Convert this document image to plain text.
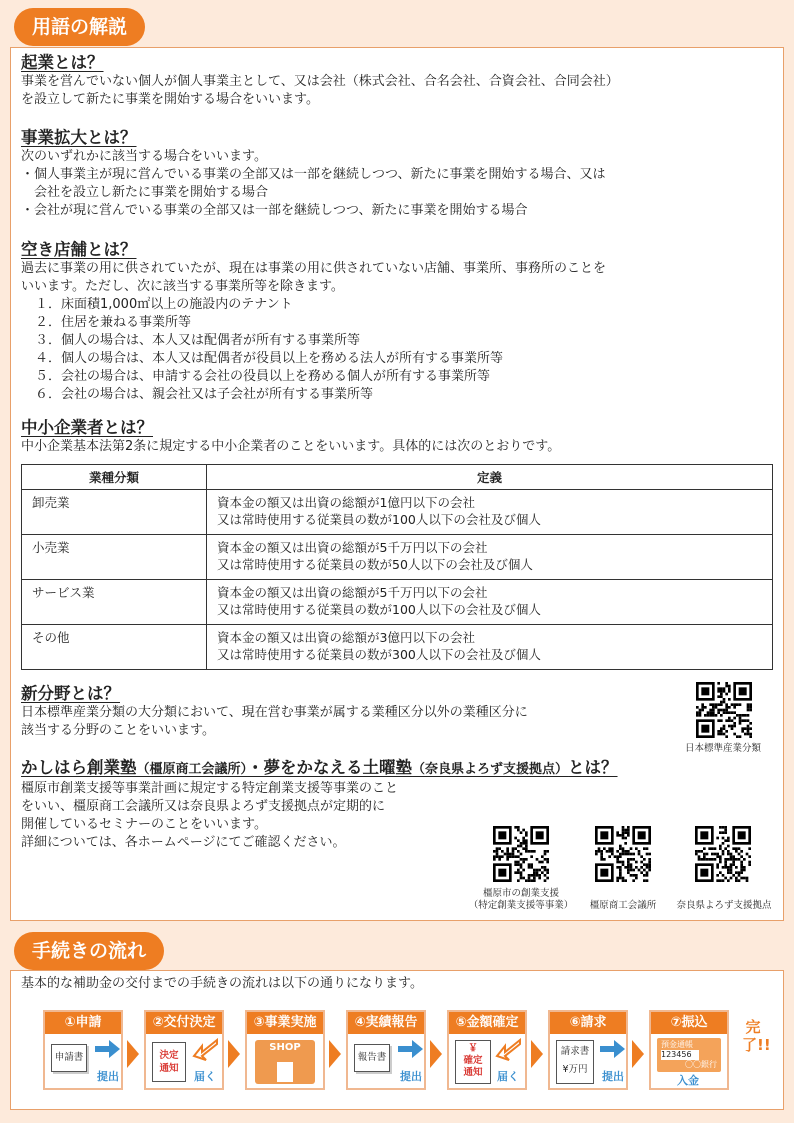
用語の解説
起業とは？
事業を営んでいない個人が個人事業主として、又は会社（株式会社、合名会社、合資会社、合同会社）
を設立して新たに事業を開始する場合をいいます。
事業拡大とは？
次のいずれかに該当する場合をいいます。
・個人事業主が現に営んでいる事業の全部又は一部を継続しつつ、新たに事業を開始する場合、又は
　会社を設立し新たに事業を開始する場合
・会社が現に営んでいる事業の全部又は一部を継続しつつ、新たに事業を開始する場合
空き店舗とは？
過去に事業の用に供されていたが、現在は事業の用に供されていない店舗、事業所、事務所のことを
いいます。ただし、次に該当する事業所等を除きます。
１．床面積1,000㎡以上の施設内のテナント
２．住居を兼ねる事業所等
３．個人の場合は、本人又は配偶者が所有する事業所等
４．個人の場合は、本人又は配偶者が役員以上を務める法人が所有する事業所等
５．会社の場合は、申請する会社の役員以上を務める個人が所有する事業所等
６．会社の場合は、親会社又は子会社が所有する事業所等
中小企業者とは？
中小企業基本法第2条に規定する中小企業者のことをいいます。具体的には次のとおりです。
業種分類	定義
卸売業	資本金の額又は出資の総額が1億円以下の会社
又は常時使用する従業員の数が100人以下の会社及び個人

小売業	資本金の額又は出資の総額が5千万円以下の会社
又は常時使用する従業員の数が50人以下の会社及び個人

サービス業	資本金の額又は出資の総額が5千万円以下の会社
又は常時使用する従業員の数が100人以下の会社及び個人

その他	資本金の額又は出資の総額が3億円以下の会社
又は常時使用する従業員の数が300人以下の会社及び個人
新分野とは？
日本標準産業分類の大分類において、現在営む事業が属する業種区分以外の業種区分に
該当する分野のことをいいます。
日本標準産業分類
かしはら創業塾（橿原商工会議所）・夢をかなえる土曜塾（奈良県よろず支援拠点）とは？
橿原市創業支援等事業計画に規定する特定創業支援等事業のこと
をいい、橿原商工会議所又は奈良県よろず支援拠点が定期的に
開催しているセミナーのことをいいます。
詳細については、各ホームページにてご確認ください。
橿原市の創業支援
（特定創業支援等事業）	橿原商工会議所	奈良県よろず支援拠点
手続きの流れ
基本的な補助金の交付までの手続きの流れは以下の通りになります。
①申請
申請書
提出
②交付決定
決定
通知
届く
③事業実施
SHOP
④実績報告
報告書
提出
⑤金額確定
￥
確定
通知	届く
⑥請求
請求書
¥万円
提出
⑦振込
預金通帳
123456
〇〇銀行
入金
完了!!
